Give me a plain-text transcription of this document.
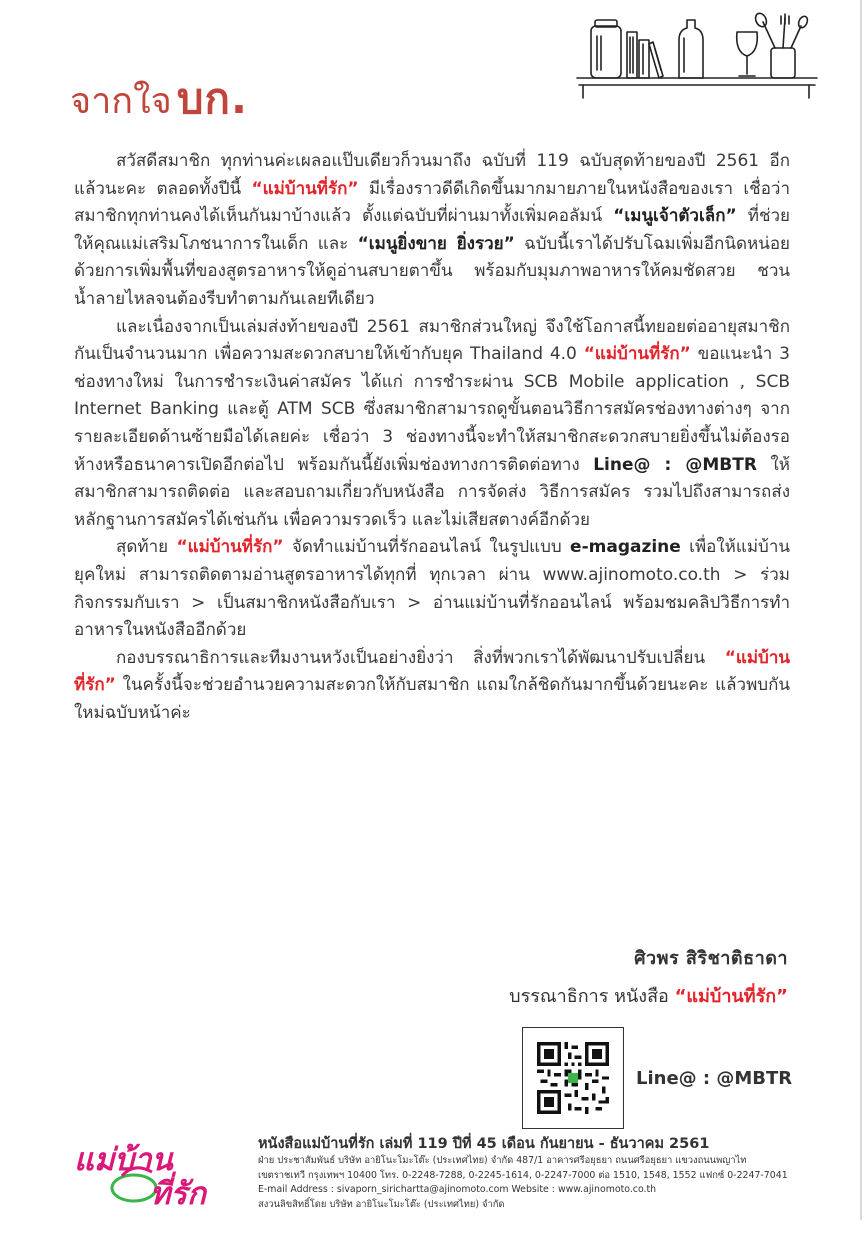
จากใจ บก.

สวัสดีสมาชิก ทุกท่านค่ะเผลอแป๊บเดียวก็วนมาถึง ฉบับที่ 119 ฉบับสุดท้ายของปี 2561 อีกแล้วนะคะ ตลอดทั้งปีนี้ “แม่บ้านที่รัก” มีเรื่องราวดีดีเกิดขึ้นมากมายภายในหนังสือของเรา เชื่อว่าสมาชิกทุกท่านคงได้เห็นกันมาบ้างแล้ว ตั้งแต่ฉบับที่ผ่านมาทั้งเพิ่มคอลัมน์ “เมนูเจ้าตัวเล็ก” ที่ช่วยให้คุณแม่เสริมโภชนาการในเด็ก และ “เมนูยิ่งขาย ยิ่งรวย” ฉบับนี้เราได้ปรับโฉมเพิ่มอีกนิดหน่อย ด้วยการเพิ่มพื้นที่ของสูตรอาหารให้ดูอ่านสบายตาขึ้น พร้อมกับมุมภาพอาหารให้คมชัดสวย ชวนน้ำลายไหลจนต้องรีบทำตามกันเลยทีเดียว

และเนื่องจากเป็นเล่มส่งท้ายของปี 2561 สมาชิกส่วนใหญ่ จึงใช้โอกาสนี้ทยอยต่ออายุสมาชิกกันเป็นจำนวนมาก เพื่อความสะดวกสบายให้เข้ากับยุค Thailand 4.0 “แม่บ้านที่รัก” ขอแนะนำ 3 ช่องทางใหม่ ในการชำระเงินค่าสมัคร ได้แก่ การชำระผ่าน SCB Mobile application , SCB Internet Banking และตู้ ATM SCB ซึ่งสมาชิกสามารถดูขั้นตอนวิธีการสมัครช่องทางต่างๆ จากรายละเอียดด้านซ้ายมือได้เลยค่ะ เชื่อว่า 3 ช่องทางนี้จะทำให้สมาชิกสะดวกสบายยิ่งขึ้นไม่ต้องรอห้างหรือธนาคารเปิดอีกต่อไป พร้อมกันนี้ยังเพิ่มช่องทางการติดต่อทาง Line@ : @MBTR ให้สมาชิกสามารถติดต่อ และสอบถามเกี่ยวกับหนังสือ การจัดส่ง วิธีการสมัคร รวมไปถึงสามารถส่งหลักฐานการสมัครได้เช่นกัน เพื่อความรวดเร็ว และไม่เสียสตางค์อีกด้วย

สุดท้าย “แม่บ้านที่รัก” จัดทำแม่บ้านที่รักออนไลน์ ในรูปแบบ e-magazine เพื่อให้แม่บ้านยุคใหม่ สามารถติดตามอ่านสูตรอาหารได้ทุกที่ ทุกเวลา ผ่าน www.ajinomoto.co.th > ร่วมกิจกรรมกับเรา > เป็นสมาชิกหนังสือกับเรา > อ่านแม่บ้านที่รักออนไลน์ พร้อมชมคลิปวิธีการทำอาหารในหนังสืออีกด้วย

กองบรรณาธิการและทีมงานหวังเป็นอย่างยิ่งว่า สิ่งที่พวกเราได้พัฒนาปรับเปลี่ยน “แม่บ้านที่รัก” ในครั้งนี้จะช่วยอำนวยความสะดวกให้กับสมาชิก แถมใกล้ชิดกันมากขึ้นด้วยนะคะ แล้วพบกันใหม่ฉบับหน้าค่ะ

ศิวพร สิริชาติธาดา
บรรณาธิการ หนังสือ “แม่บ้านที่รัก”
Line@ : @MBTR
แม่บ้าน
ที่รัก
หนังสือแม่บ้านที่รัก เล่มที่ 119 ปีที่ 45 เดือน กันยายน - ธันวาคม 2561
ฝ่าย ประชาสัมพันธ์ บริษัท อายิโนะโมะโต๊ะ (ประเทศไทย) จำกัด 487/1 อาคารศรีอยุธยา ถนนศรีอยุธยา แขวงถนนพญาไท
เขตราชเทวี กรุงเทพฯ 10400 โทร. 0-2248-7288, 0-2245-1614, 0-2247-7000 ต่อ 1510, 1548, 1552 แฟกซ์ 0-2247-7041
E-mail Address : sivaporn_sirichartta@ajinomoto.com Website : www.ajinomoto.co.th
สงวนลิขสิทธิ์โดย บริษัท อายิโนะโมะโต๊ะ (ประเทศไทย) จำกัด
